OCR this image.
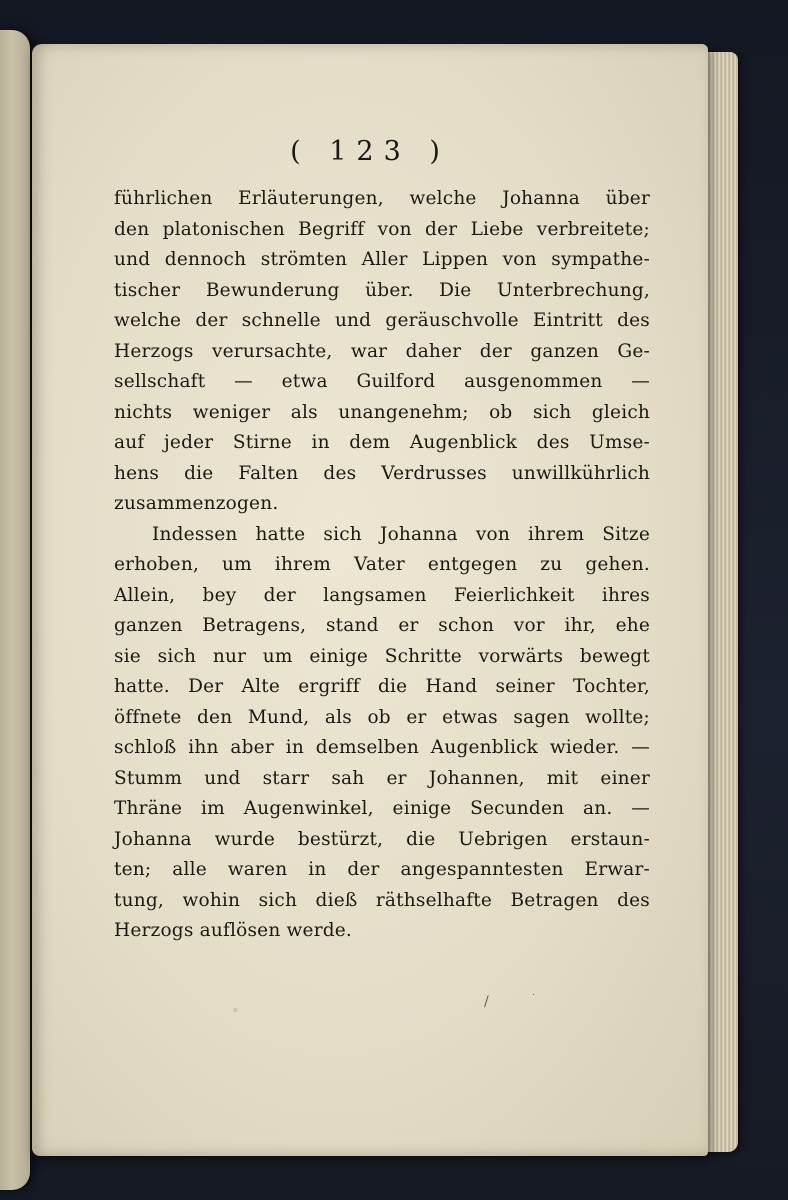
( 123 )
führlichen Erläuterungen, welche Johanna über
den platonischen Begriff von der Liebe verbreitete;
und dennoch strömten Aller Lippen von sympathe-
tischer Bewunderung über. Die Unterbrechung,
welche der schnelle und geräuschvolle Eintritt des
Herzogs verursachte, war daher der ganzen Ge-
sellschaft — etwa Guilford ausgenommen —
nichts weniger als unangenehm; ob sich gleich
auf jeder Stirne in dem Augenblick des Umse-
hens die Falten des Verdrusses unwillkührlich
zusammenzogen.
Indessen hatte sich Johanna von ihrem Sitze
erhoben, um ihrem Vater entgegen zu gehen.
Allein, bey der langsamen Feierlichkeit ihres
ganzen Betragens, stand er schon vor ihr, ehe
sie sich nur um einige Schritte vorwärts bewegt
hatte. Der Alte ergriff die Hand seiner Tochter,
öffnete den Mund, als ob er etwas sagen wollte;
schloß ihn aber in demselben Augenblick wieder. —
Stumm und starr sah er Johannen, mit einer
Thräne im Augenwinkel, einige Secunden an. —
Johanna wurde bestürzt, die Uebrigen erstaun-
ten; alle waren in der angespanntesten Erwar-
tung, wohin sich dieß räthselhafte Betragen des
Herzogs auflösen werde.
/	·
◦
